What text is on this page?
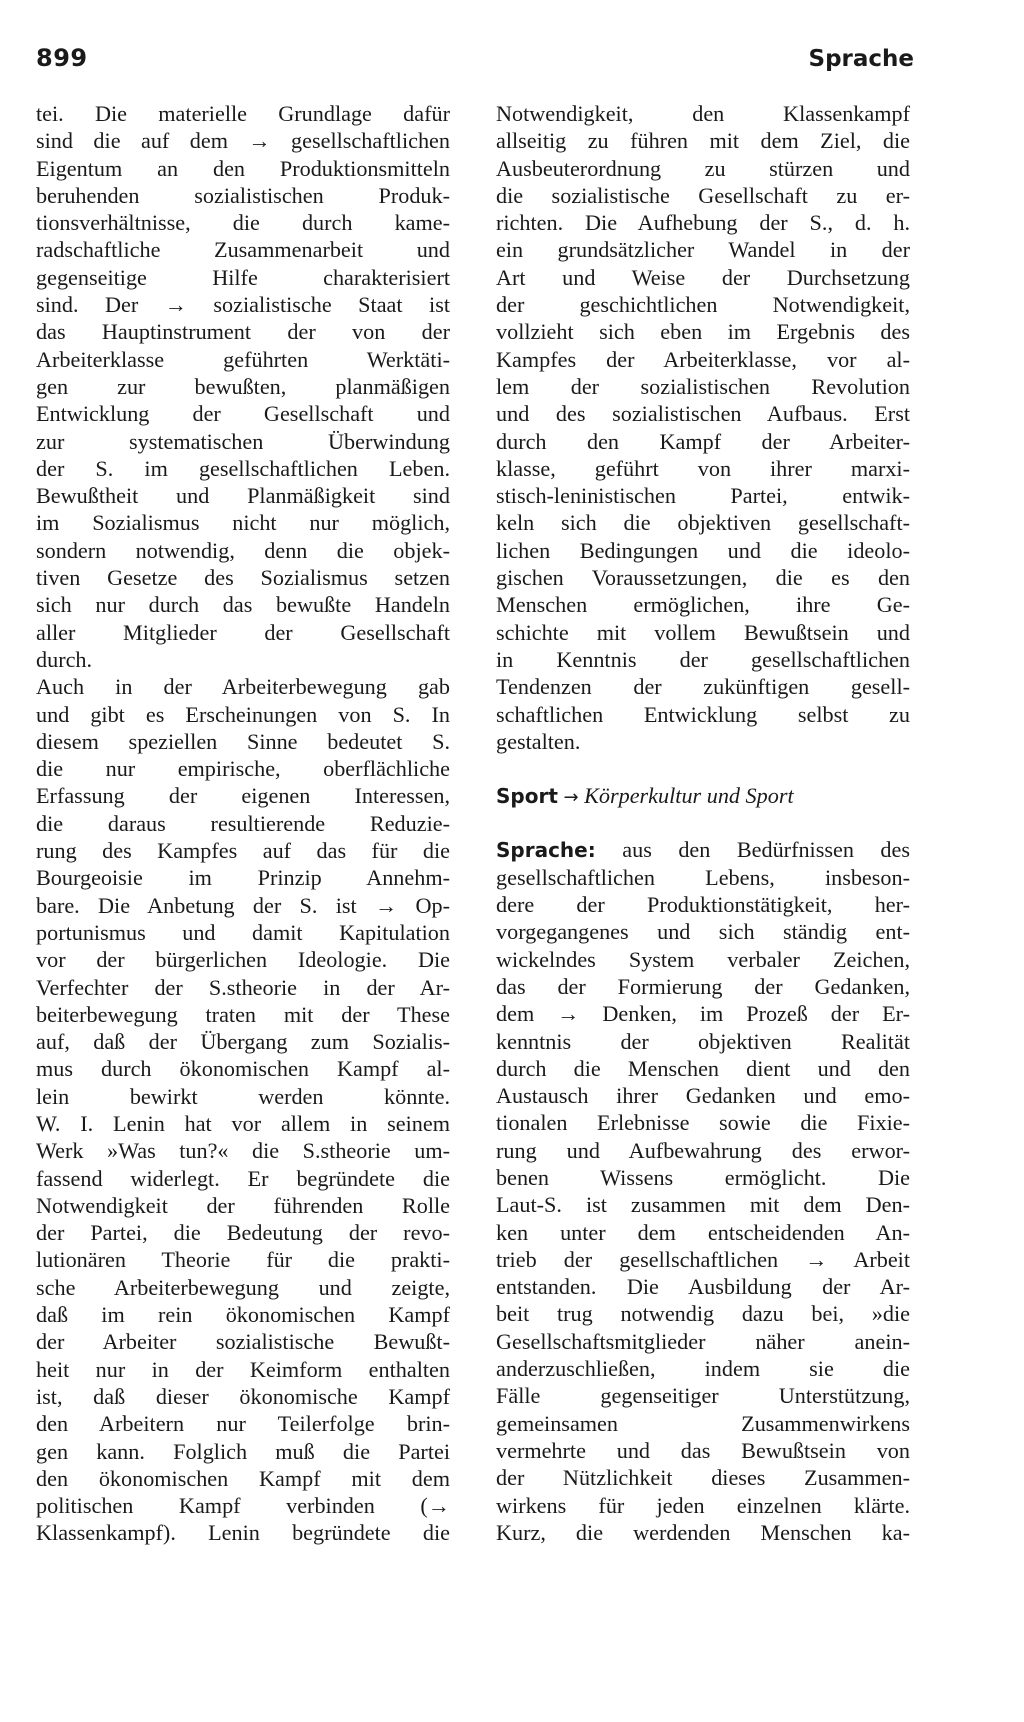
899	Sprache
tei. Die materielle Grundlage dafür
sind die auf dem → gesellschaftlichen
Eigentum an den Produktionsmitteln
beruhenden sozialistischen Produk-
tionsverhältnisse, die durch kame-
radschaftliche Zusammenarbeit und
gegenseitige Hilfe charakterisiert
sind. Der → sozialistische Staat ist
das Hauptinstrument der von der
Arbeiterklasse geführten Werktäti-
gen zur bewußten, planmäßigen
Entwicklung der Gesellschaft und
zur systematischen Überwindung
der S. im gesellschaftlichen Leben.
Bewußtheit und Planmäßigkeit sind
im Sozialismus nicht nur möglich,
sondern notwendig, denn die objek-
tiven Gesetze des Sozialismus setzen
sich nur durch das bewußte Handeln
aller Mitglieder der Gesellschaft
durch.
Auch in der Arbeiterbewegung gab
und gibt es Erscheinungen von S. In
diesem speziellen Sinne bedeutet S.
die nur empirische, oberflächliche
Erfassung der eigenen Interessen,
die daraus resultierende Reduzie-
rung des Kampfes auf das für die
Bourgeoisie im Prinzip Annehm-
bare. Die Anbetung der S. ist → Op-
portunismus und damit Kapitulation
vor der bürgerlichen Ideologie. Die
Verfechter der S.stheorie in der Ar-
beiterbewegung traten mit der These
auf, daß der Übergang zum Sozialis-
mus durch ökonomischen Kampf al-
lein bewirkt werden könnte.
W. I. Lenin hat vor allem in seinem
Werk »Was tun?« die S.stheorie um-
fassend widerlegt. Er begründete die
Notwendigkeit der führenden Rolle
der Partei, die Bedeutung der revo-
lutionären Theorie für die prakti-
sche Arbeiterbewegung und zeigte,
daß im rein ökonomischen Kampf
der Arbeiter sozialistische Bewußt-
heit nur in der Keimform enthalten
ist, daß dieser ökonomische Kampf
den Arbeitern nur Teilerfolge brin-
gen kann. Folglich muß die Partei
den ökonomischen Kampf mit dem
politischen Kampf verbinden (→
Klassenkampf). Lenin begründete die
Notwendigkeit, den Klassenkampf
allseitig zu führen mit dem Ziel, die
Ausbeuterordnung zu stürzen und
die sozialistische Gesellschaft zu er-
richten. Die Aufhebung der S., d. h.
ein grundsätzlicher Wandel in der
Art und Weise der Durchsetzung
der geschichtlichen Notwendigkeit,
vollzieht sich eben im Ergebnis des
Kampfes der Arbeiterklasse, vor al-
lem der sozialistischen Revolution
und des sozialistischen Aufbaus. Erst
durch den Kampf der Arbeiter-
klasse, geführt von ihrer marxi-
stisch-leninistischen Partei, entwik-
keln sich die objektiven gesellschaft-
lichen Bedingungen und die ideolo-
gischen Voraussetzungen, die es den
Menschen ermöglichen, ihre Ge-
schichte mit vollem Bewußtsein und
in Kenntnis der gesellschaftlichen
Tendenzen der zukünftigen gesell-
schaftlichen Entwicklung selbst zu
gestalten.
Sport → Körperkultur und Sport
Sprache: aus den Bedürfnissen des
gesellschaftlichen Lebens, insbeson-
dere der Produktionstätigkeit, her-
vorgegangenes und sich ständig ent-
wickelndes System verbaler Zeichen,
das der Formierung der Gedanken,
dem → Denken, im Prozeß der Er-
kenntnis der objektiven Realität
durch die Menschen dient und den
Austausch ihrer Gedanken und emo-
tionalen Erlebnisse sowie die Fixie-
rung und Aufbewahrung des erwor-
benen Wissens ermöglicht. Die
Laut-S. ist zusammen mit dem Den-
ken unter dem entscheidenden An-
trieb der gesellschaftlichen → Arbeit
entstanden. Die Ausbildung der Ar-
beit trug notwendig dazu bei, »die
Gesellschaftsmitglieder näher anein-
anderzuschließen, indem sie die
Fälle gegenseitiger Unterstützung,
gemeinsamen Zusammenwirkens
vermehrte und das Bewußtsein von
der Nützlichkeit dieses Zusammen-
wirkens für jeden einzelnen klärte.
Kurz, die werdenden Menschen ka-
